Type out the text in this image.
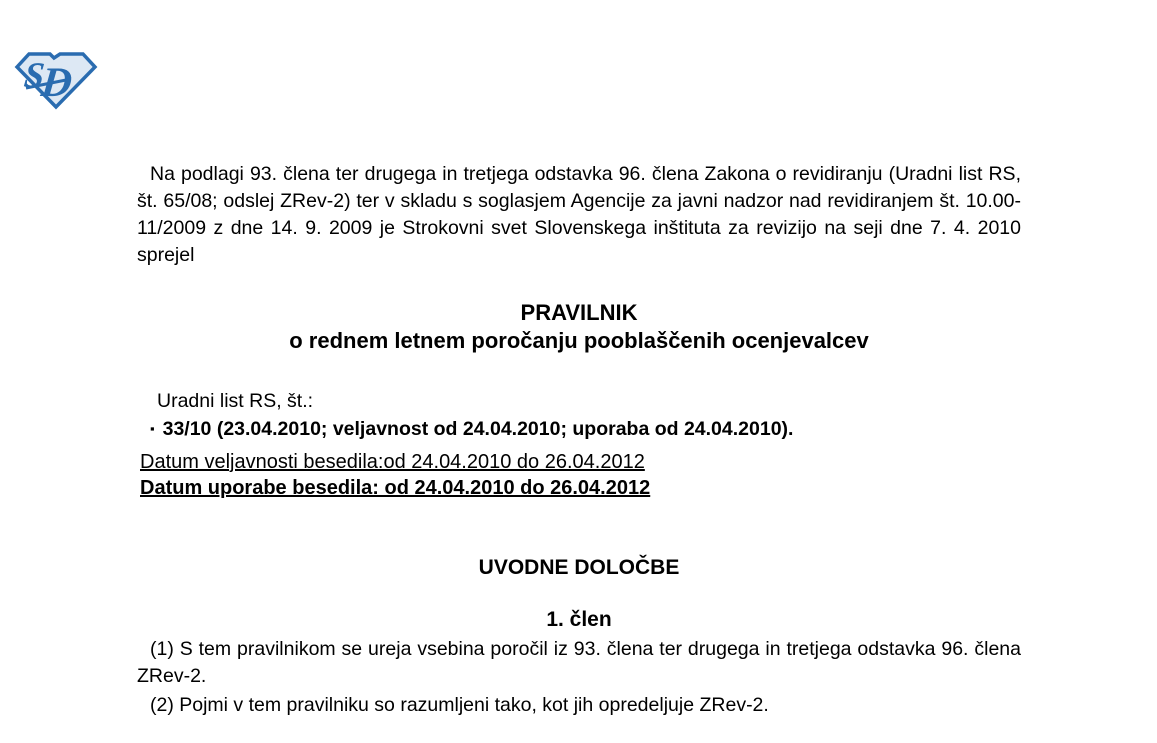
S
D
Na podlagi 93. člena ter drugega in tretjega odstavka 96. člena Zakona o revidiranju (Uradni list RS, št. 65/08; odslej ZRev-2) ter v skladu s soglasjem Agencije za javni nadzor nad revidiranjem št. 10.00-11/2009 z dne 14. 9. 2009 je Strokovni svet Slovenskega inštituta za revizijo na seji dne 7. 4. 2010 sprejel
PRAVILNIK
o rednem letnem poročanju pooblaščenih ocenjevalcev
Uradni list RS, št.:
▪ 33/10 (23.04.2010; veljavnost od 24.04.2010; uporaba od 24.04.2010).
Datum veljavnosti besedila:od 24.04.2010 do 26.04.2012
Datum uporabe besedila: od 24.04.2010 do 26.04.2012
UVODNE DOLOČBE
1. člen
(1) S tem pravilnikom se ureja vsebina poročil iz 93. člena ter drugega in tretjega odstavka 96. člena ZRev-2.
(2) Pojmi v tem pravilniku so razumljeni tako, kot jih opredeljuje ZRev-2.
